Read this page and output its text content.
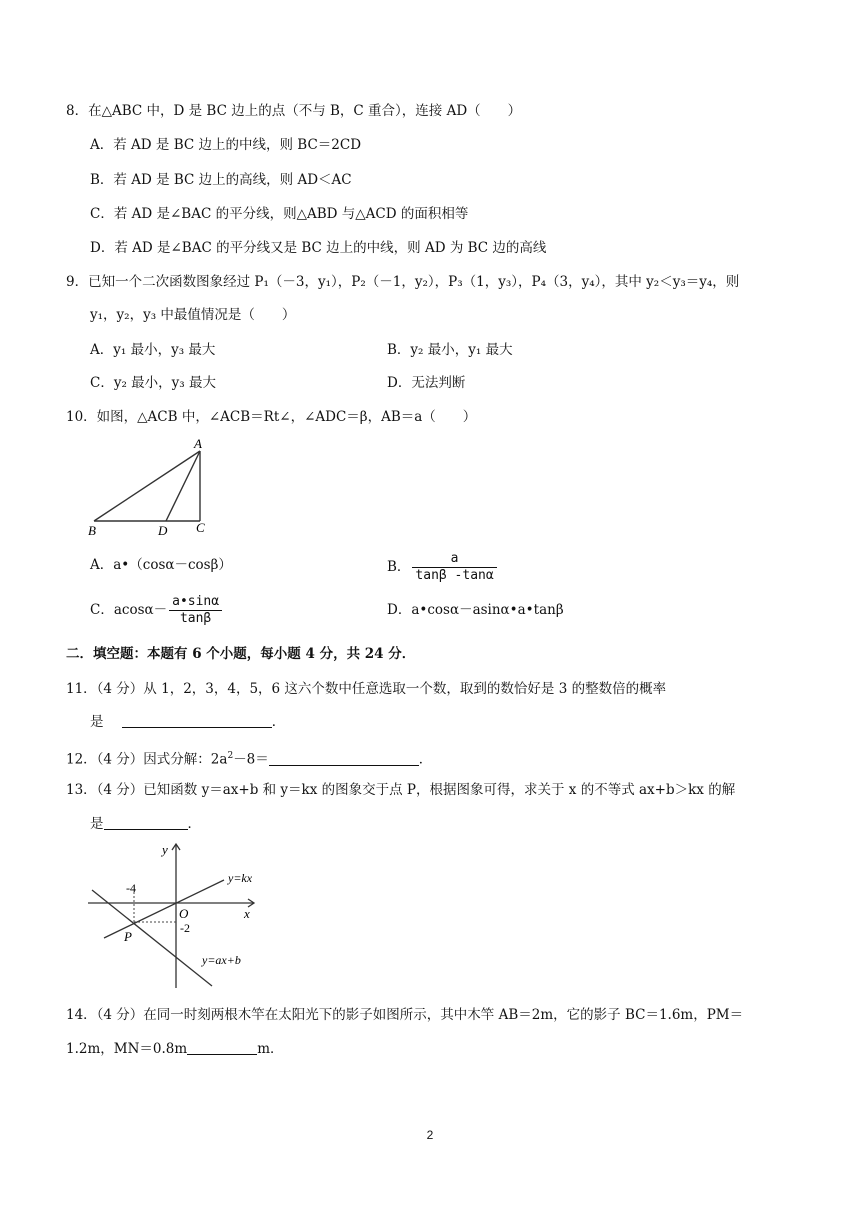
8．在△ABC 中，D 是 BC 边上的点（不与 B，C 重合），连接 AD（　　）
A．若 AD 是 BC 边上的中线，则 BC＝2CD
B．若 AD 是 BC 边上的高线，则 AD＜AC
C．若 AD 是∠BAC 的平分线，则△ABD 与△ACD 的面积相等
D．若 AD 是∠BAC 的平分线又是 BC 边上的中线，则 AD 为 BC 边的高线
9．已知一个二次函数图象经过 P₁（－3，y₁），P₂（－1，y₂），P₃（1，y₃），P₄（3，y₄），其中 y₂＜y₃＝y₄，则
y₁，y₂，y₃ 中最值情况是（　　）
A．y₁ 最小，y₃ 最大	B．y₂ 最小，y₁ 最大
C．y₂ 最小，y₃ 最大	D．无法判断
10．如图，△ACB 中，∠ACB＝Rt∠，∠ADC＝β，AB＝a（　　）
A
B	D C
A．a•（cosα－cosβ）	B． $\frac{a}{\tan\beta -\tan\alpha}$
C．$acos\alpha- \frac{a•\sin\alpha}{\tan\beta}$	D．a•cosα－asinα•a•tanβ
二．填空题：本题有 6 个小题，每小题 4 分，共 24 分．
11．（4 分）从 1，2，3，4，5，6 这六个数中任意选取一个数，取到的数恰好是 3 的整数倍的概率
是	．
12．（4 分）因式分解：$2a^2-8=$	．
13．（4 分）已知函数 y＝ax+b 和 y＝kx 的图象交于点 P，根据图象可得，求关于 x 的不等式 ax+b＞kx 的解
是	．
y
x
O
P
-4
-2
y=kx
y=ax+b
14．（4 分）在同一时刻两根木竿在太阳光下的影子如图所示，其中木竿 AB＝2m，它的影子 BC＝1.6m，PM＝
1.2m，MN＝0.8m	m．
2
